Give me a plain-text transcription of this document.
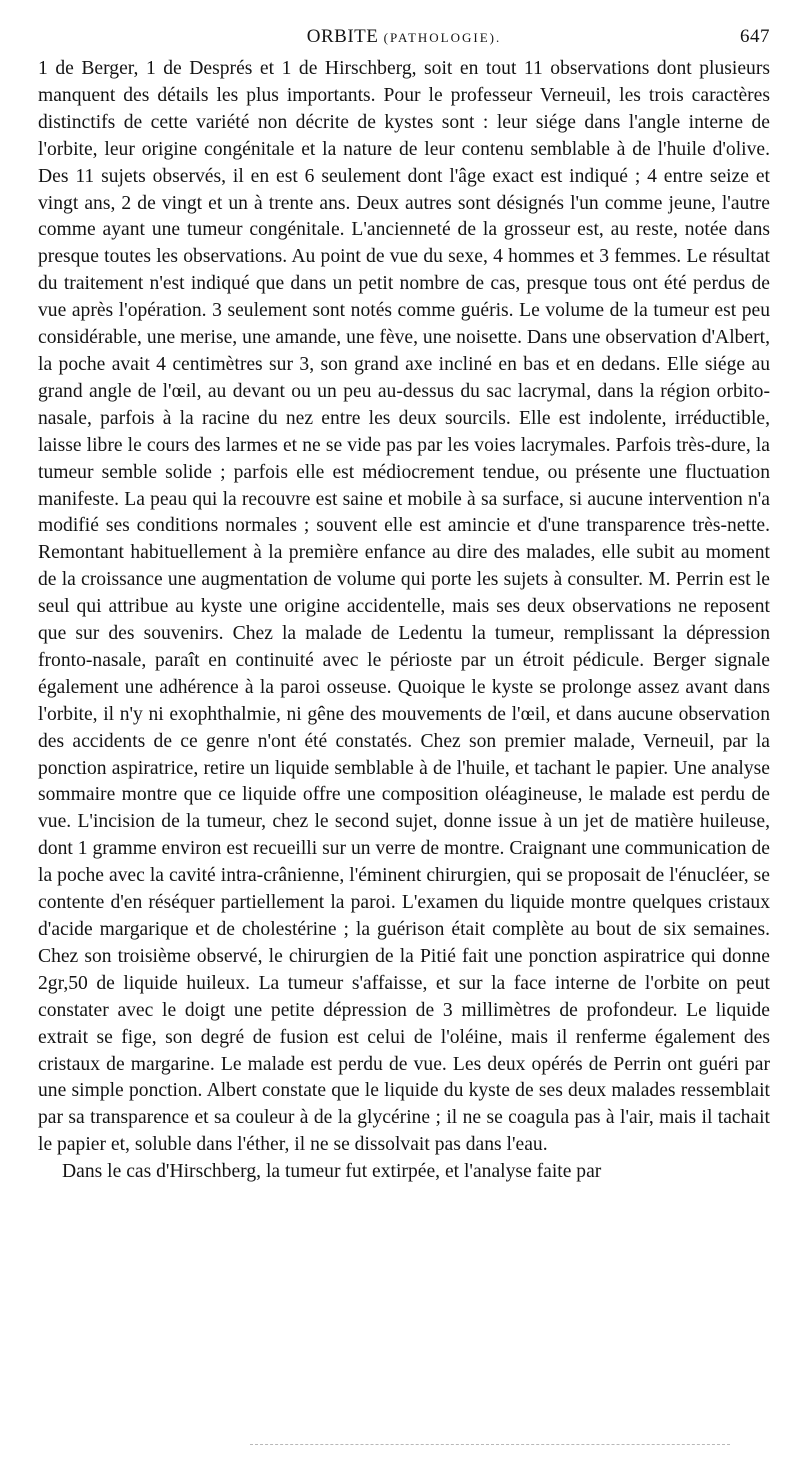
ORBITE (PATHOLOGIE).	647

1 de Berger, 1 de Després et 1 de Hirschberg, soit en tout 11 observations dont plusieurs manquent des détails les plus importants. Pour le professeur Verneuil, les trois caractères distinctifs de cette variété non décrite de kystes sont : leur siége dans l'angle interne de l'orbite, leur origine congénitale et la nature de leur contenu semblable à de l'huile d'olive. Des 11 sujets observés, il en est 6 seulement dont l'âge exact est indiqué ; 4 entre seize et vingt ans, 2 de vingt et un à trente ans. Deux autres sont désignés l'un comme jeune, l'autre comme ayant une tumeur congénitale. L'ancienneté de la grosseur est, au reste, notée dans presque toutes les observations. Au point de vue du sexe, 4 hommes et 3 femmes. Le résultat du traitement n'est indiqué que dans un petit nombre de cas, presque tous ont été perdus de vue après l'opération. 3 seulement sont notés comme guéris. Le volume de la tumeur est peu considérable, une merise, une amande, une fève, une noisette. Dans une observation d'Albert, la poche avait 4 centimètres sur 3, son grand axe incliné en bas et en dedans. Elle siége au grand angle de l'œil, au devant ou un peu au-dessus du sac lacrymal, dans la région orbito-nasale, parfois à la racine du nez entre les deux sourcils. Elle est indolente, irréductible, laisse libre le cours des larmes et ne se vide pas par les voies lacrymales. Parfois très-dure, la tumeur semble solide ; parfois elle est médiocrement tendue, ou présente une fluctuation manifeste. La peau qui la recouvre est saine et mobile à sa surface, si aucune intervention n'a modifié ses conditions normales ; souvent elle est amincie et d'une transparence très-nette. Remontant habituellement à la première enfance au dire des malades, elle subit au moment de la croissance une augmentation de volume qui porte les sujets à consulter. M. Perrin est le seul qui attribue au kyste une origine accidentelle, mais ses deux observations ne reposent que sur des souvenirs. Chez la malade de Ledentu la tumeur, remplissant la dépression fronto-nasale, paraît en continuité avec le périoste par un étroit pédicule. Berger signale également une adhérence à la paroi osseuse. Quoique le kyste se prolonge assez avant dans l'orbite, il n'y ni exophthalmie, ni gêne des mouvements de l'œil, et dans aucune observation des accidents de ce genre n'ont été constatés. Chez son premier malade, Verneuil, par la ponction aspiratrice, retire un liquide semblable à de l'huile, et tachant le papier. Une analyse sommaire montre que ce liquide offre une composition oléagineuse, le malade est perdu de vue. L'incision de la tumeur, chez le second sujet, donne issue à un jet de matière huileuse, dont 1 gramme environ est recueilli sur un verre de montre. Craignant une communication de la poche avec la cavité intra-crânienne, l'éminent chirurgien, qui se proposait de l'énucléer, se contente d'en réséquer partiellement la paroi. L'examen du liquide montre quelques cristaux d'acide margarique et de cholestérine ; la guérison était complète au bout de six semaines. Chez son troisième observé, le chirurgien de la Pitié fait une ponction aspiratrice qui donne 2gr,50 de liquide huileux. La tumeur s'affaisse, et sur la face interne de l'orbite on peut constater avec le doigt une petite dépression de 3 millimètres de profondeur. Le liquide extrait se fige, son degré de fusion est celui de l'oléine, mais il renferme également des cristaux de margarine. Le malade est perdu de vue. Les deux opérés de Perrin ont guéri par une simple ponction. Albert constate que le liquide du kyste de ses deux malades ressemblait par sa transparence et sa couleur à de la glycérine ; il ne se coagula pas à l'air, mais il tachait le papier et, soluble dans l'éther, il ne se dissolvait pas dans l'eau.

Dans le cas d'Hirschberg, la tumeur fut extirpée, et l'analyse faite par
